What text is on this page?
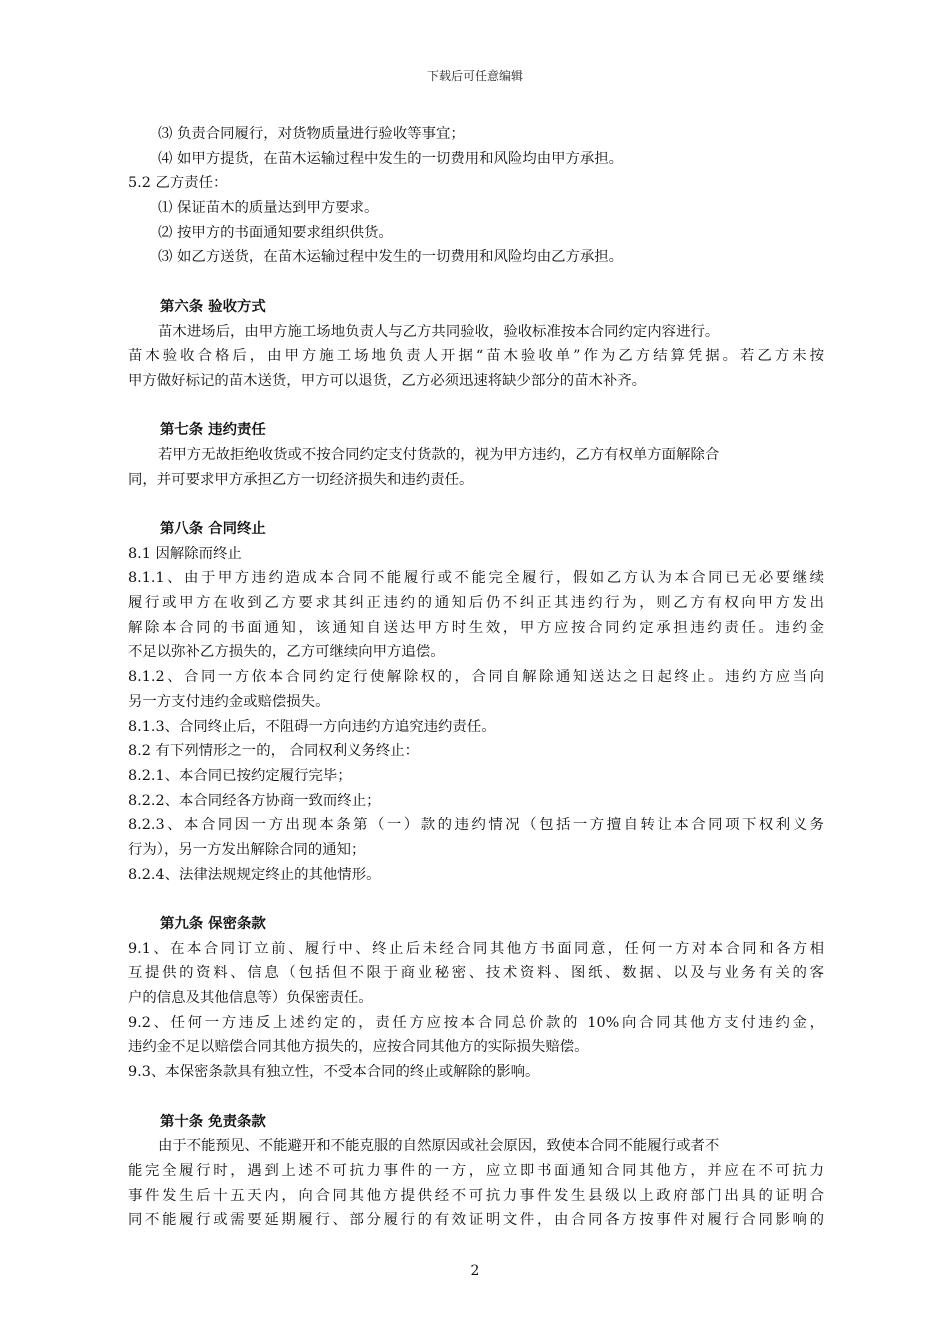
下载后可任意编辑
⑶ 负责合同履行，对货物质量进行验收等事宜；
⑷ 如甲方提货，在苗木运输过程中发生的一切费用和风险均由甲方承担。
5.2 乙方责任：
⑴ 保证苗木的质量达到甲方要求。
⑵ 按甲方的书面通知要求组织供货。
⑶ 如乙方送货，在苗木运输过程中发生的一切费用和风险均由乙方承担。
第六条 验收方式
苗木进场后，由甲方施工场地负责人与乙方共同验收，验收标准按本合同约定内容进行。
苗木验收合格后，由甲方施工场地负责人开据“苗木验收单”作为乙方结算凭据。若乙方未按
甲方做好标记的苗木送货，甲方可以退货，乙方必须迅速将缺少部分的苗木补齐。
第七条 违约责任
若甲方无故拒绝收货或不按合同约定支付货款的，视为甲方违约，乙方有权单方面解除合
同，并可要求甲方承担乙方一切经济损失和违约责任。
第八条 合同终止
8.1 因解除而终止
8.1.1、由于甲方违约造成本合同不能履行或不能完全履行，假如乙方认为本合同已无必要继续
履行或甲方在收到乙方要求其纠正违约的通知后仍不纠正其违约行为，则乙方有权向甲方发出
解除本合同的书面通知，该通知自送达甲方时生效，甲方应按合同约定承担违约责任。违约金
不足以弥补乙方损失的，乙方可继续向甲方追偿。
8.1.2、合同一方依本合同约定行使解除权的，合同自解除通知送达之日起终止。违约方应当向
另一方支付违约金或赔偿损失。
8.1.3、合同终止后，不阻碍一方向违约方追究违约责任。
8.2 有下列情形之一的， 合同权利义务终止：
8.2.1、本合同已按约定履行完毕；
8.2.2、本合同经各方协商一致而终止；
8.2.3、本合同因一方出现本条第（一）款的违约情况（包括一方擅自转让本合同项下权利义务
行为），另一方发出解除合同的通知；
8.2.4、法律法规规定终止的其他情形。
第九条 保密条款
9.1、在本合同订立前、履行中、终止后未经合同其他方书面同意，任何一方对本合同和各方相
互提供的资料、信息（包括但不限于商业秘密、技术资料、图纸、数据、以及与业务有关的客
户的信息及其他信息等）负保密责任。
9.2、任何一方违反上述约定的，责任方应按本合同总价款的 10%向合同其他方支付违约金，
违约金不足以赔偿合同其他方损失的，应按合同其他方的实际损失赔偿。
9.3、本保密条款具有独立性，不受本合同的终止或解除的影响。
第十条 免责条款
由于不能预见、不能避开和不能克服的自然原因或社会原因，致使本合同不能履行或者不
能完全履行时，遇到上述不可抗力事件的一方，应立即书面通知合同其他方，并应在不可抗力
事件发生后十五天内，向合同其他方提供经不可抗力事件发生县级以上政府部门出具的证明合
同不能履行或需要延期履行、部分履行的有效证明文件，由合同各方按事件对履行合同影响的
2
